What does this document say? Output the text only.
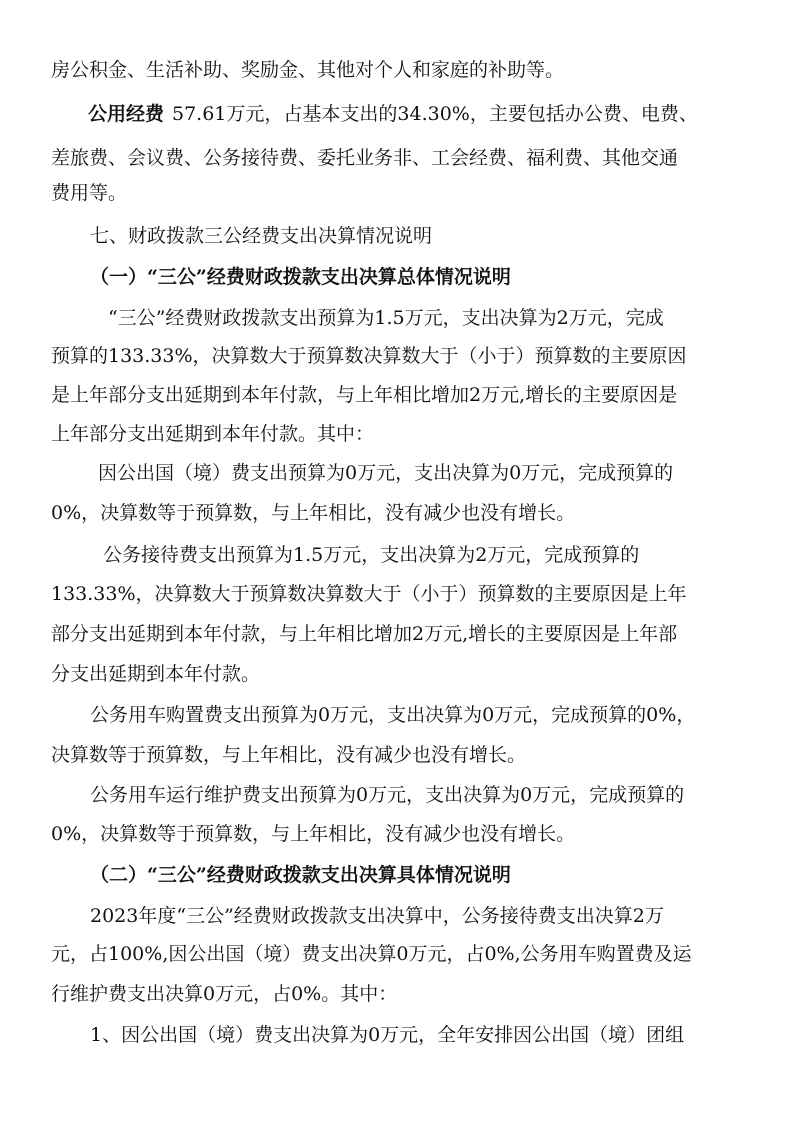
房公积金、生活补助、奖励金、其他对个人和家庭的补助等。
公用经费 57.61万元，占基本支出的34.30%，主要包括办公费、电费、
差旅费、会议费、公务接待费、委托业务非、工会经费、福利费、其他交通
费用等。
七、财政拨款三公经费支出决算情况说明
（一）“三公”经费财政拨款支出决算总体情况说明
“三公”经费财政拨款支出预算为1.5万元，支出决算为2万元，完成
预算的133.33%，决算数大于预算数决算数大于（小于）预算数的主要原因
是上年部分支出延期到本年付款，与上年相比增加2万元,增长的主要原因是
上年部分支出延期到本年付款。其中：
因公出国（境）费支出预算为0万元，支出决算为0万元，完成预算的
0%，决算数等于预算数，与上年相比，没有减少也没有增长。
公务接待费支出预算为1.5万元，支出决算为2万元，完成预算的
133.33%，决算数大于预算数决算数大于（小于）预算数的主要原因是上年
部分支出延期到本年付款，与上年相比增加2万元,增长的主要原因是上年部
分支出延期到本年付款。
公务用车购置费支出预算为0万元，支出决算为0万元，完成预算的0%，
决算数等于预算数，与上年相比，没有减少也没有增长。
公务用车运行维护费支出预算为0万元，支出决算为0万元，完成预算的
0%，决算数等于预算数，与上年相比，没有减少也没有增长。
（二）“三公”经费财政拨款支出决算具体情况说明
2023年度“三公”经费财政拨款支出决算中，公务接待费支出决算2万
元，占100%,因公出国（境）费支出决算0万元，占0%,公务用车购置费及运
行维护费支出决算0万元，占0%。其中：
1、因公出国（境）费支出决算为0万元，全年安排因公出国（境）团组
